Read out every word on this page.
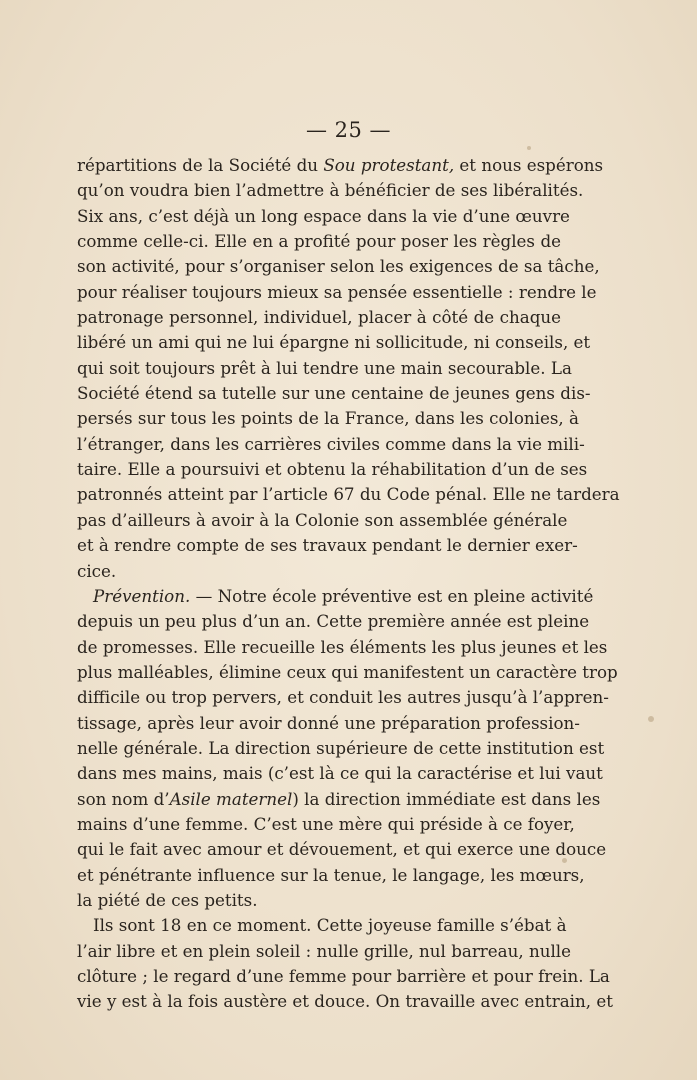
— 25 —
répartitions de la Société du Sou protestant, et nous espérons
qu’on voudra bien l’admettre à bénéficier de ses libéralités.
Six ans, c’est déjà un long espace dans la vie d’une œuvre
comme celle-ci. Elle en a profité pour poser les règles de
son activité, pour s’organiser selon les exigences de sa tâche,
pour réaliser toujours mieux sa pensée essentielle : rendre le
patronage personnel, individuel, placer à côté de chaque
libéré un ami qui ne lui épargne ni sollicitude, ni conseils, et
qui soit toujours prêt à lui tendre une main secourable. La
Société étend sa tutelle sur une centaine de jeunes gens dis-
persés sur tous les points de la France, dans les colonies, à
l’étranger, dans les carrières civiles comme dans la vie mili-
taire. Elle a poursuivi et obtenu la réhabilitation d’un de ses
patronnés atteint par l’article 67 du Code pénal. Elle ne tardera
pas d’ailleurs à avoir à la Colonie son assemblée générale
et à rendre compte de ses travaux pendant le dernier exer-
cice.
Prévention. — Notre école préventive est en pleine activité
depuis un peu plus d’un an. Cette première année est pleine
de promesses. Elle recueille les éléments les plus jeunes et les
plus malléables, élimine ceux qui manifestent un caractère trop
difficile ou trop pervers, et conduit les autres jusqu’à l’appren-
tissage, après leur avoir donné une préparation profession-
nelle générale. La direction supérieure de cette institution est
dans mes mains, mais (c’est là ce qui la caractérise et lui vaut
son nom d’Asile maternel) la direction immédiate est dans les
mains d’une femme. C’est une mère qui préside à ce foyer,
qui le fait avec amour et dévouement, et qui exerce une douce
et pénétrante influence sur la tenue, le langage, les mœurs,
la piété de ces petits.
Ils sont 18 en ce moment. Cette joyeuse famille s’ébat à
l’air libre et en plein soleil : nulle grille, nul barreau, nulle
clôture ; le regard d’une femme pour barrière et pour frein. La
vie y est à la fois austère et douce. On travaille avec entrain, et
